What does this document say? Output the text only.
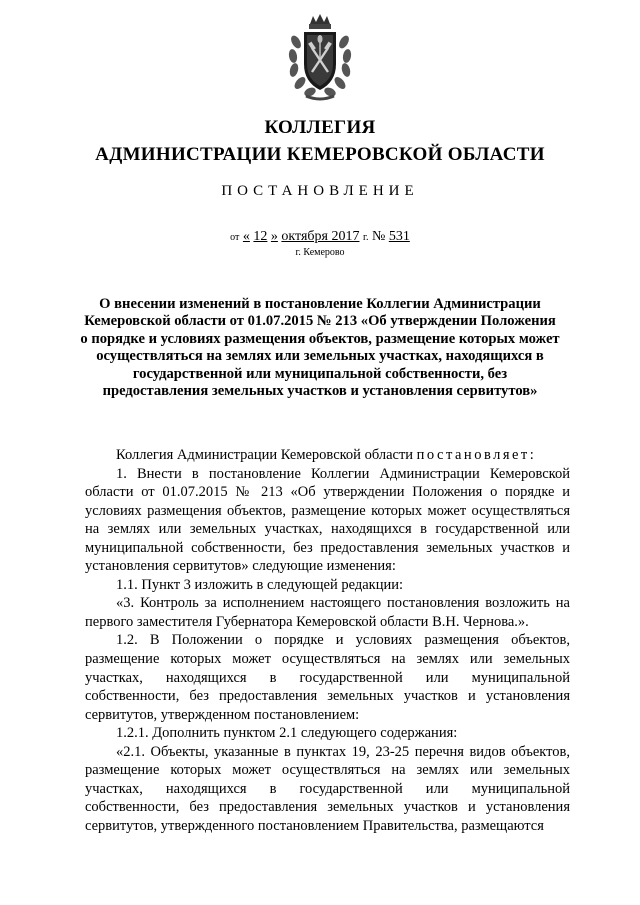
КОЛЛЕГИЯ
АДМИНИСТРАЦИИ КЕМЕРОВСКОЙ ОБЛАСТИ
ПОСТАНОВЛЕНИЕ
от « 12 » октября 2017 г. № 531
г. Кемерово
О внесении изменений в постановление Коллегии Администрации Кемеровской области от 01.07.2015 № 213 «Об утверждении Положения о порядке и условиях размещения объектов, размещение которых может осуществляться на землях или земельных участках, находящихся в государственной или муниципальной собственности, без предоставления земельных участков и установления сервитутов»

Коллегия Администрации Кемеровской области постановляет:

1. Внести в постановление Коллегии Администрации Кемеровской области от 01.07.2015 № 213 «Об утверждении Положения о порядке и условиях размещения объектов, размещение которых может осуществляться на землях или земельных участках, находящихся в государственной или муниципальной собственности, без предоставления земельных участков и установления сервитутов» следующие изменения:

1.1. Пункт 3 изложить в следующей редакции:

«3. Контроль за исполнением настоящего постановления возложить на первого заместителя Губернатора Кемеровской области В.Н. Чернова.».

1.2. В Положении о порядке и условиях размещения объектов, размещение которых может осуществляться на землях или земельных участках, находящихся в государственной или муниципальной собственности, без предоставления земельных участков и установления сервитутов, утвержденном постановлением:

1.2.1. Дополнить пунктом 2.1 следующего содержания:

«2.1. Объекты, указанные в пунктах 19, 23-25 перечня видов объектов, размещение которых может осуществляться на землях или земельных участках, находящихся в государственной или муниципальной собственности, без предоставления земельных участков и установления сервитутов, утвержденного постановлением Правительства, размещаются
